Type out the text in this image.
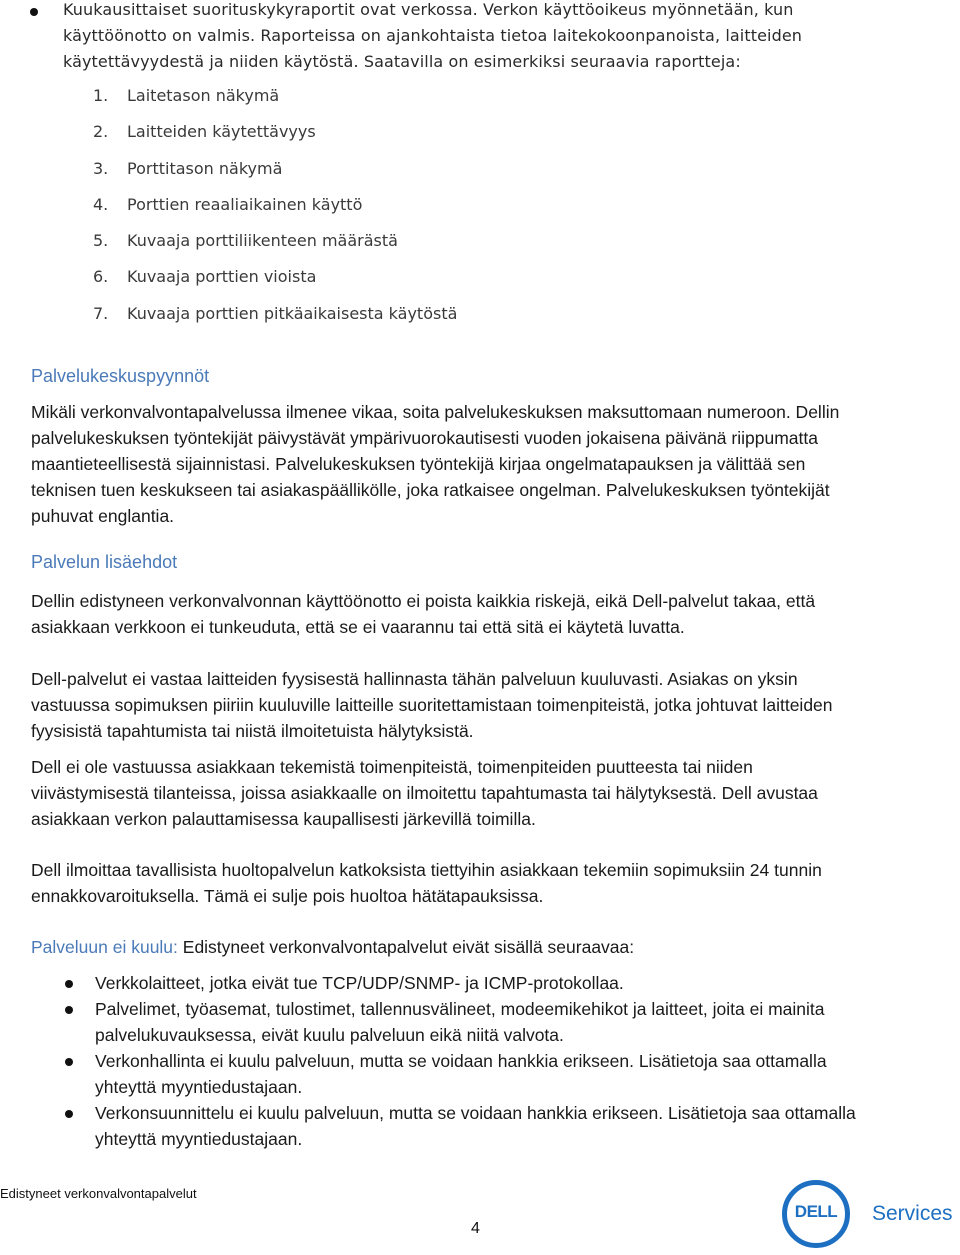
Kuukausittaiset suorituskykyraportit ovat verkossa. Verkon käyttöoikeus myönnetään, kun
käyttöönotto on valmis. Raporteissa on ajankohtaista tietoa laitekokoonpanoista, laitteiden
käytettävyydestä ja niiden käytöstä. Saatavilla on esimerkiksi seuraavia raportteja:
1. Laitetason näkymä
2. Laitteiden käytettävyys
3. Porttitason näkymä
4. Porttien reaaliaikainen käyttö
5. Kuvaaja porttiliikenteen määrästä
6. Kuvaaja porttien vioista
7. Kuvaaja porttien pitkäaikaisesta käytöstä
Palvelukeskuspyynnöt
Mikäli verkonvalvontapalvelussa ilmenee vikaa, soita palvelukeskuksen maksuttomaan numeroon. Dellin
palvelukeskuksen työntekijät päivystävät ympärivuorokautisesti vuoden jokaisena päivänä riippumatta
maantieteellisestä sijainnistasi. Palvelukeskuksen työntekijä kirjaa ongelmatapauksen ja välittää sen
teknisen tuen keskukseen tai asiakaspäällikölle, joka ratkaisee ongelman. Palvelukeskuksen työntekijät
puhuvat englantia.
Palvelun lisäehdot
Dellin edistyneen verkonvalvonnan käyttöönotto ei poista kaikkia riskejä, eikä Dell-palvelut takaa, että
asiakkaan verkkoon ei tunkeuduta, että se ei vaarannu tai että sitä ei käytetä luvatta.
Dell-palvelut ei vastaa laitteiden fyysisestä hallinnasta tähän palveluun kuuluvasti. Asiakas on yksin
vastuussa sopimuksen piiriin kuuluville laitteille suoritettamistaan toimenpiteistä, jotka johtuvat laitteiden
fyysisistä tapahtumista tai niistä ilmoitetuista hälytyksistä.
Dell ei ole vastuussa asiakkaan tekemistä toimenpiteistä, toimenpiteiden puutteesta tai niiden
viivästymisestä tilanteissa, joissa asiakkaalle on ilmoitettu tapahtumasta tai hälytyksestä. Dell avustaa
asiakkaan verkon palauttamisessa kaupallisesti järkevillä toimilla.
Dell ilmoittaa tavallisista huoltopalvelun katkoksista tiettyihin asiakkaan tekemiin sopimuksiin 24 tunnin
ennakkovaroituksella. Tämä ei sulje pois huoltoa hätätapauksissa.
Palveluun ei kuulu: Edistyneet verkonvalvontapalvelut eivät sisällä seuraavaa:
Verkkolaitteet, jotka eivät tue TCP/UDP/SNMP- ja ICMP-protokollaa.
Palvelimet, työasemat, tulostimet, tallennusvälineet, modeemikehikot ja laitteet, joita ei mainita
palvelukuvauksessa, eivät kuulu palveluun eikä niitä valvota.
Verkonhallinta ei kuulu palveluun, mutta se voidaan hankkia erikseen. Lisätietoja saa ottamalla
yhteyttä myyntiedustajaan.
Verkonsuunnittelu ei kuulu palveluun, mutta se voidaan hankkia erikseen. Lisätietoja saa ottamalla
yhteyttä myyntiedustajaan.
Edistyneet verkonvalvontapalvelut
4
DELL	Services
